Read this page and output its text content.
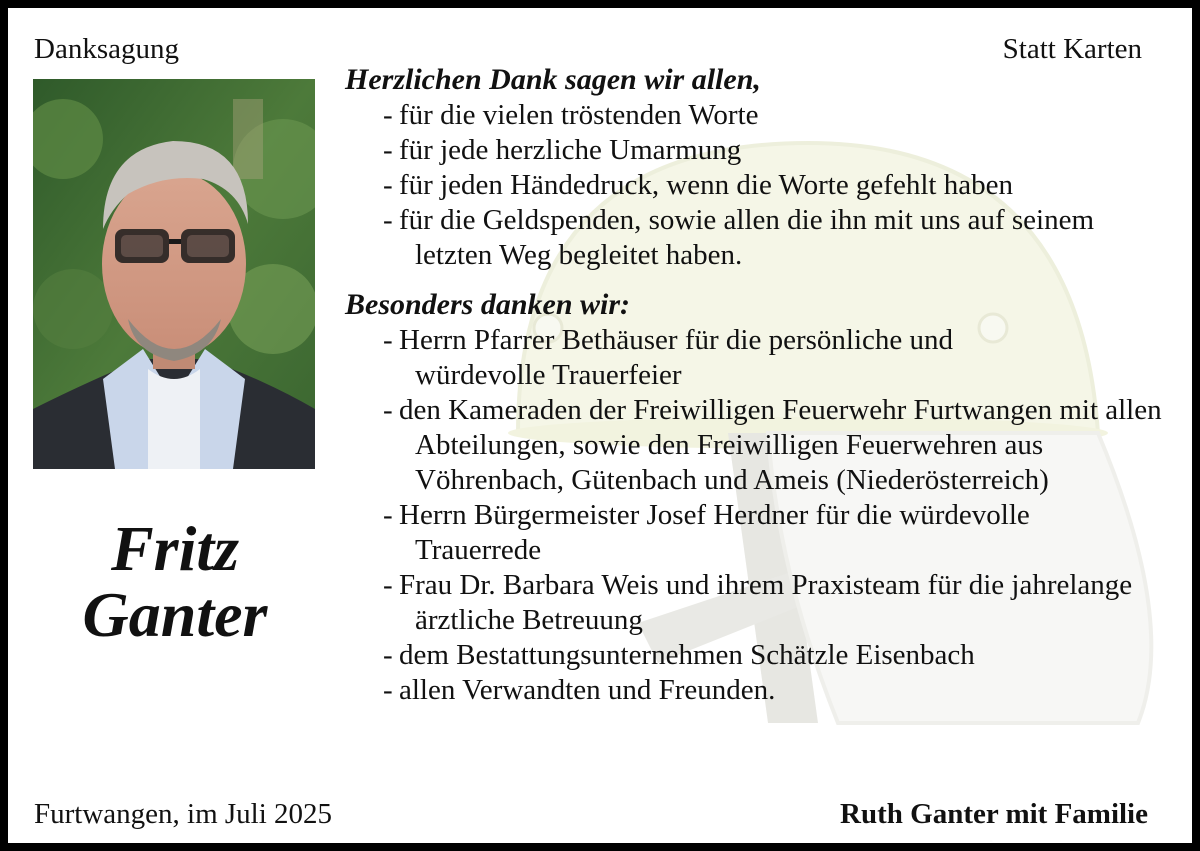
Danksagung	Statt Karten
Fritz
Ganter
Herzlichen Dank sagen wir allen,
- für die vielen tröstenden Worte
- für jede herzliche Umarmung
- für jeden Händedruck, wenn die Worte gefehlt haben
- für die Geldspenden, sowie allen die ihn mit uns auf seinem letzten Weg begleitet haben.
Besonders danken wir:
- Herrn Pfarrer Bethäuser für die persönliche und würdevolle Trauerfeier
- den Kameraden der Freiwilligen Feuerwehr Furtwangen mit allen Abteilungen, sowie den Freiwilligen Feuerwehren aus Vöhrenbach, Gütenbach und Ameis (Niederösterreich)
- Herrn Bürgermeister Josef Herdner für die würdevolle Trauerrede
- Frau Dr. Barbara Weis und ihrem Praxisteam für die jahrelange ärztliche Betreuung
- dem Bestattungsunternehmen Schätzle Eisenbach
- allen Verwandten und Freunden.
Furtwangen, im Juli 2025	Ruth Ganter mit Familie
